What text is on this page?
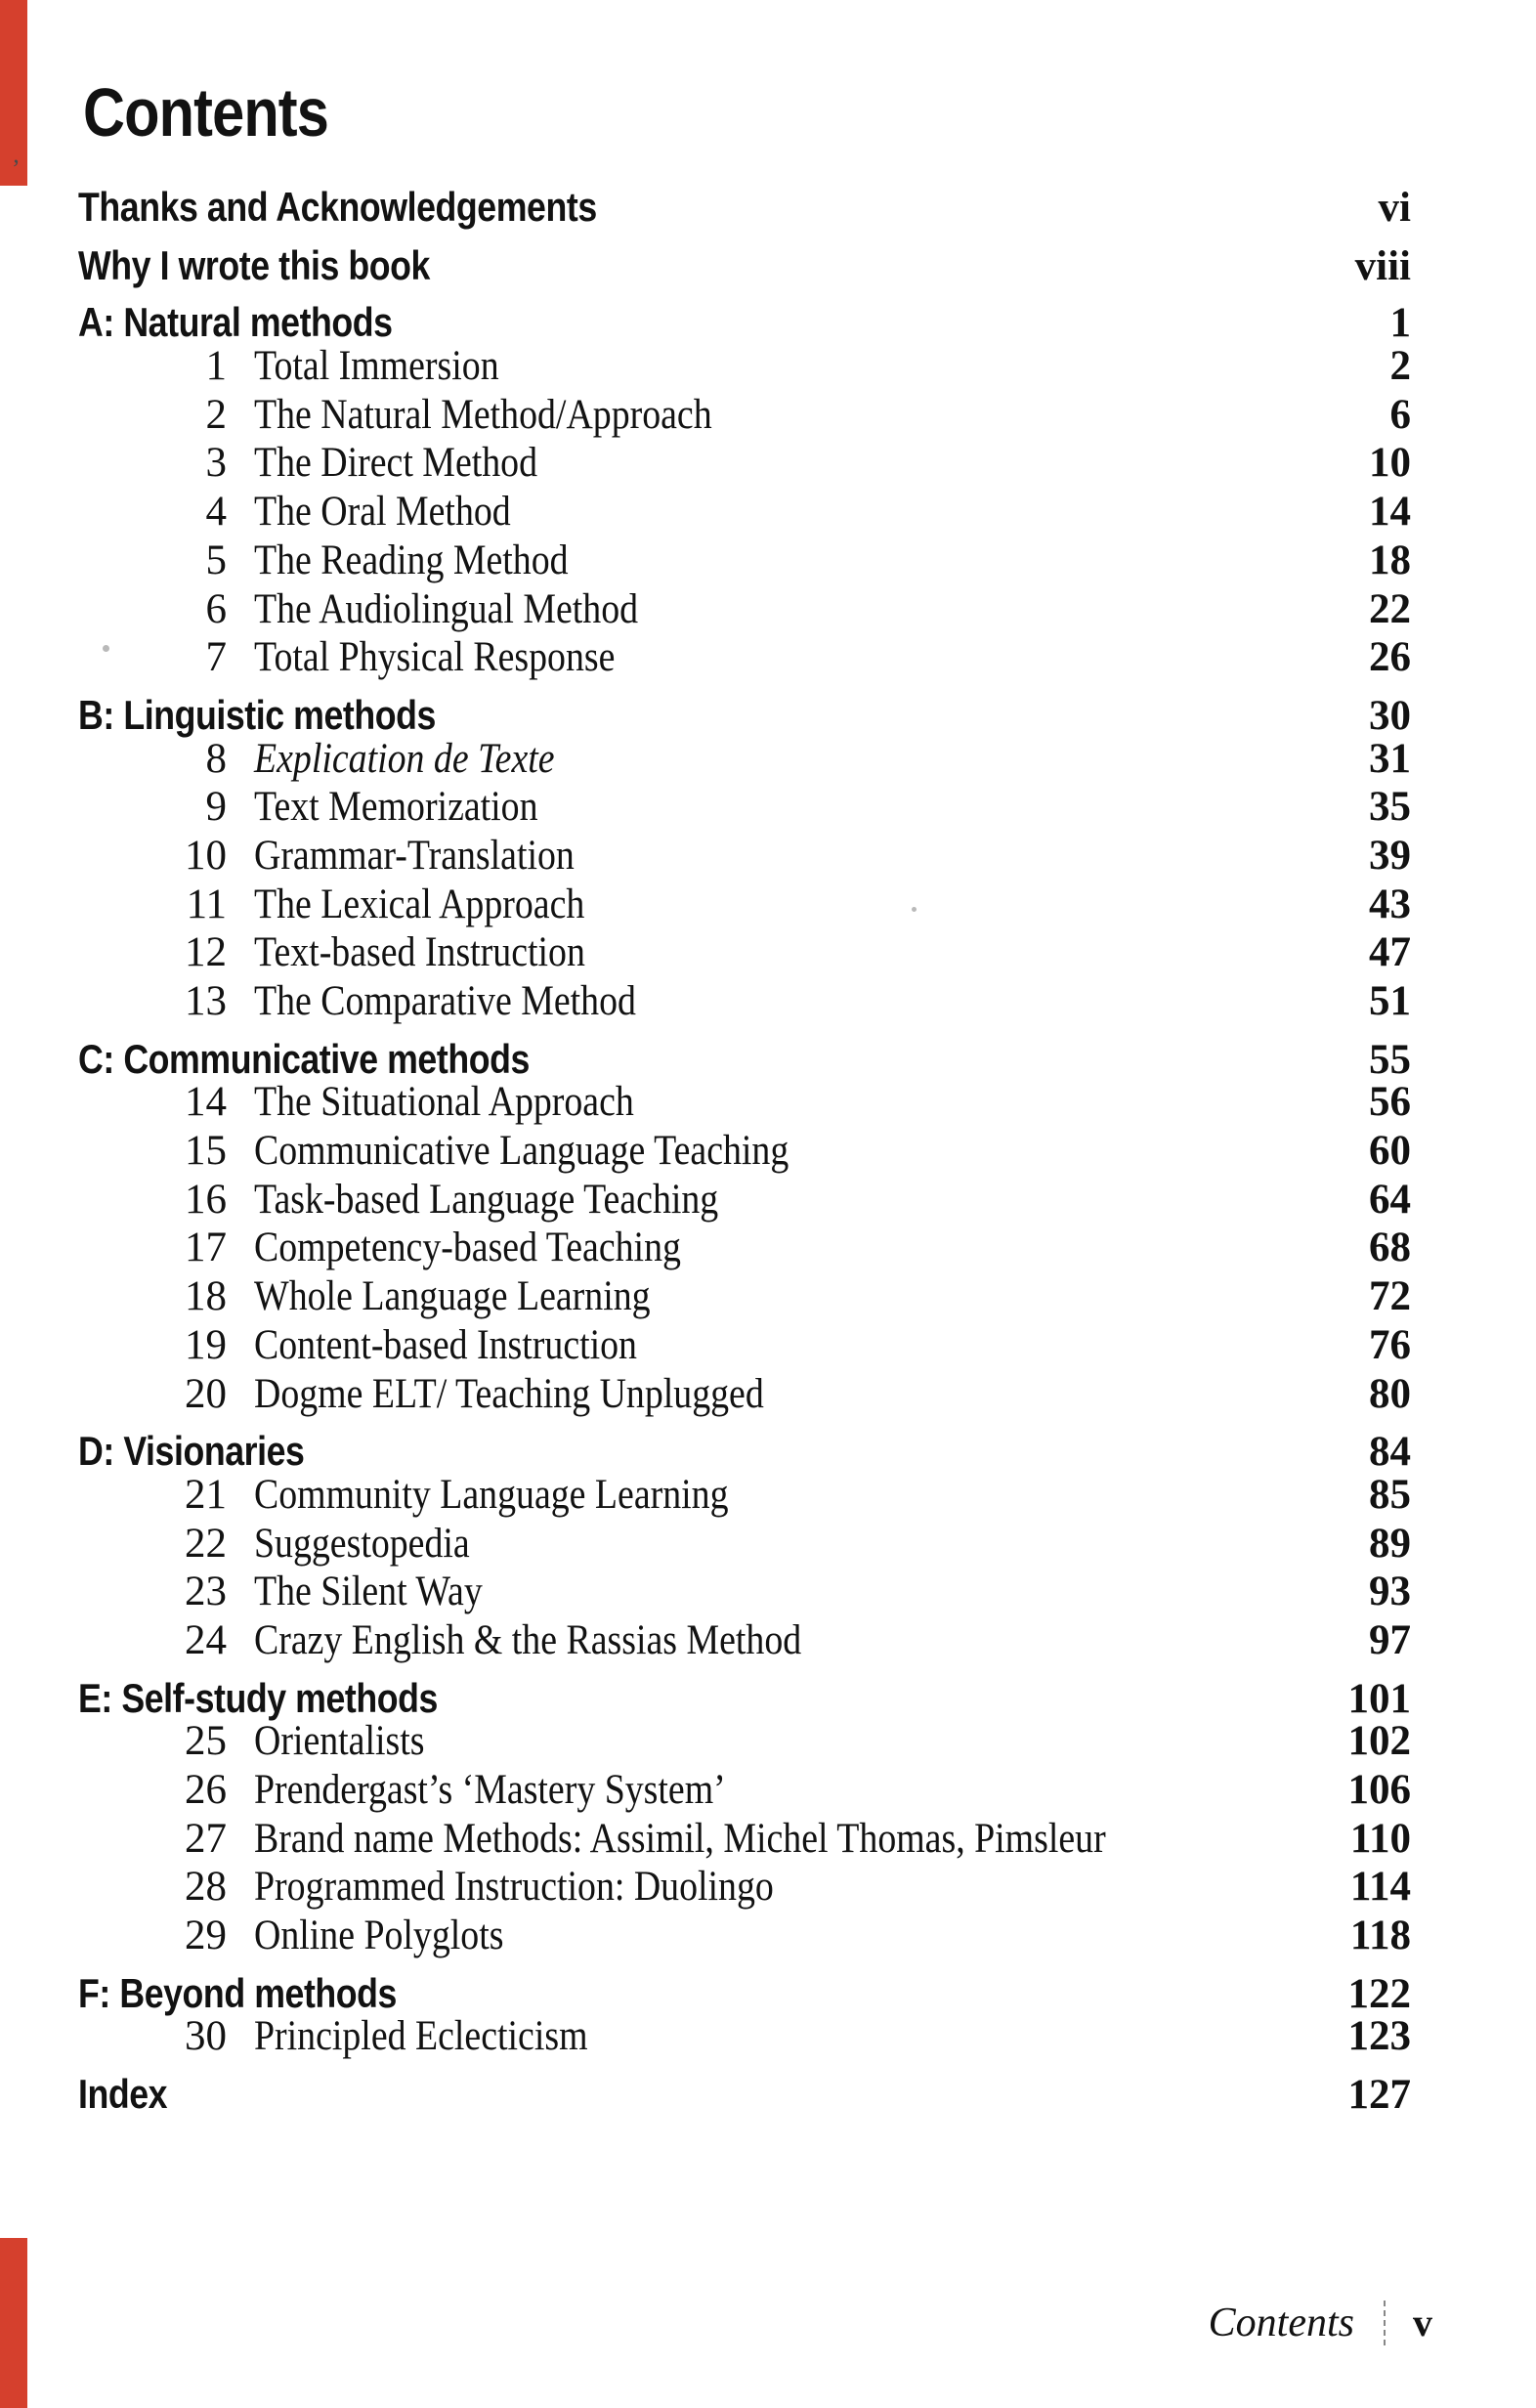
’
Contents
Thanks and Acknowledgements	vi
Why I wrote this book	viii
A: Natural methods	1
1 Total Immersion	2
2 The Natural Method/Approach	6
3 The Direct Method	10
4 The Oral Method	14
5 The Reading Method	18
6 The Audiolingual Method	22
7 Total Physical Response	26
B: Linguistic methods	30
8 Explication de Texte	31
9 Text Memorization	35
10 Grammar-Translation	39
11 The Lexical Approach	43
12 Text-based Instruction	47
13 The Comparative Method	51
C: Communicative methods	55
14 The Situational Approach	56
15 Communicative Language Teaching	60
16 Task-based Language Teaching	64
17 Competency-based Teaching	68
18 Whole Language Learning	72
19 Content-based Instruction	76
20 Dogme ELT/ Teaching Unplugged	80
D: Visionaries	84
21 Community Language Learning	85
22 Suggestopedia	89
23 The Silent Way	93
24 Crazy English & the Rassias Method	97
E: Self-study methods	101
25 Orientalists	102
26 Prendergast’s ‘Mastery System’	106
27 Brand name Methods: Assimil, Michel Thomas, Pimsleur	110
28 Programmed Instruction: Duolingo	114
29 Online Polyglots	118
F: Beyond methods	122
30 Principled Eclecticism	123
Index	127
Contents v
